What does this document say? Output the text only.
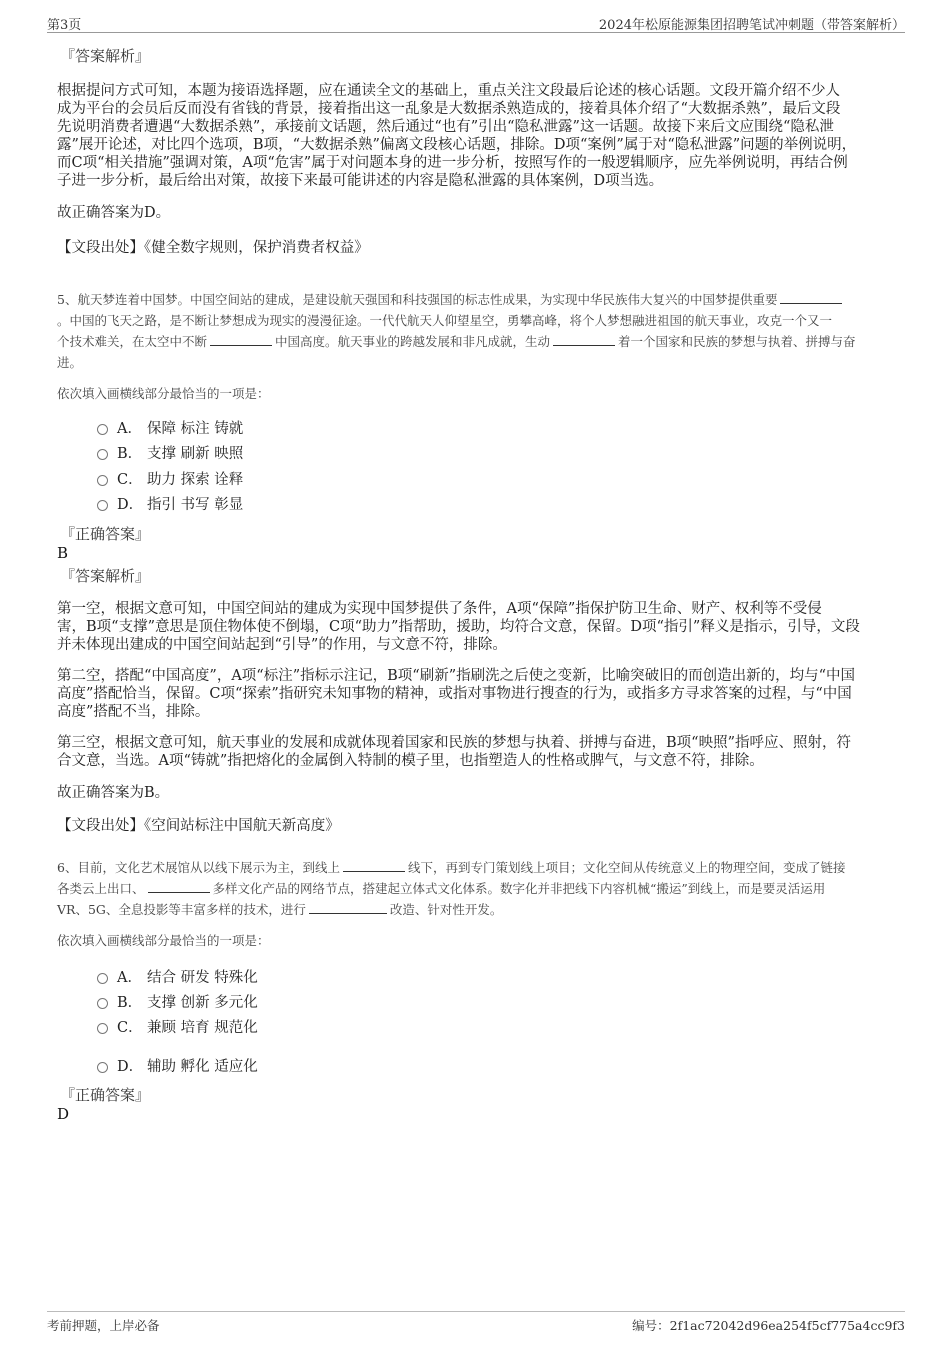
第3页	2024年松原能源集团招聘笔试冲刺题（带答案解析）
『答案解析』

根据提问方式可知，本题为接语选择题，应在通读全文的基础上，重点关注文段最后论述的核心话题。文段开篇介绍不少人

成为平台的会员后反而没有省钱的背景，接着指出这一乱象是大数据杀熟造成的，接着具体介绍了“大数据杀熟”，最后文段

先说明消费者遭遇“大数据杀熟”，承接前文话题，然后通过“也有”引出“隐私泄露”这一话题。故接下来后文应围绕“隐私泄

露”展开论述，对比四个选项，B项，“大数据杀熟”偏离文段核心话题，排除。D项“案例”属于对“隐私泄露”问题的举例说明，

而C项“相关措施”强调对策，A项“危害”属于对问题本身的进一步分析，按照写作的一般逻辑顺序，应先举例说明，再结合例

子进一步分析，最后给出对策，故接下来最可能讲述的内容是隐私泄露的具体案例，D项当选。

故正确答案为D。

【文段出处】《健全数字规则，保护消费者权益》

5、航天梦连着中国梦。中国空间站的建成，是建设航天强国和科技强国的标志性成果，为实现中华民族伟大复兴的中国梦提供重要

。中国的飞天之路，是不断让梦想成为现实的漫漫征途。一代代航天人仰望星空，勇攀高峰，将个人梦想融进祖国的航天事业，攻克一个又一

个技术难关，在太空中不断	中国高度。航天事业的跨越发展和非凡成就，生动	着一个国家和民族的梦想与执着、拼搏与奋

进。

依次填入画横线部分最恰当的一项是：

A． 保障 标注 铸就
B． 支撑 刷新 映照
C． 助力 探索 诠释
D． 指引 书写 彰显
『正确答案』
B
『答案解析』

第一空，根据文意可知，中国空间站的建成为实现中国梦提供了条件，A项“保障”指保护防卫生命、财产、权利等不受侵

害，B项“支撑”意思是顶住物体使不倒塌，C项“助力”指帮助，援助，均符合文意，保留。D项“指引”释义是指示，引导，文段

并未体现出建成的中国空间站起到“引导”的作用，与文意不符，排除。

第二空，搭配“中国高度”，A项“标注”指标示注记，B项“刷新”指刷洗之后使之变新，比喻突破旧的而创造出新的，均与“中国

高度”搭配恰当，保留。C项“探索”指研究未知事物的精神，或指对事物进行搜查的行为，或指多方寻求答案的过程，与“中国

高度”搭配不当，排除。

第三空，根据文意可知，航天事业的发展和成就体现着国家和民族的梦想与执着、拼搏与奋进，B项“映照”指呼应、照射，符

合文意，当选。A项“铸就”指把熔化的金属倒入特制的模子里，也指塑造人的性格或脾气，与文意不符，排除。

故正确答案为B。

【文段出处】《空间站标注中国航天新高度》

6、目前，文化艺术展馆从以线下展示为主，到线上	线下，再到专门策划线上项目；文化空间从传统意义上的物理空间，变成了链接

各类云上出口、	多样文化产品的网络节点，搭建起立体式文化体系。数字化并非把线下内容机械“搬运”到线上，而是要灵活运用

VR、5G、全息投影等丰富多样的技术，进行	改造、针对性开发。

依次填入画横线部分最恰当的一项是：

A． 结合 研发 特殊化
B． 支撑 创新 多元化
C． 兼顾 培育 规范化
D． 辅助 孵化 适应化
『正确答案』
D
考前押题，上岸必备	编号：2f1ac72042d96ea254f5cf775a4cc9f3
